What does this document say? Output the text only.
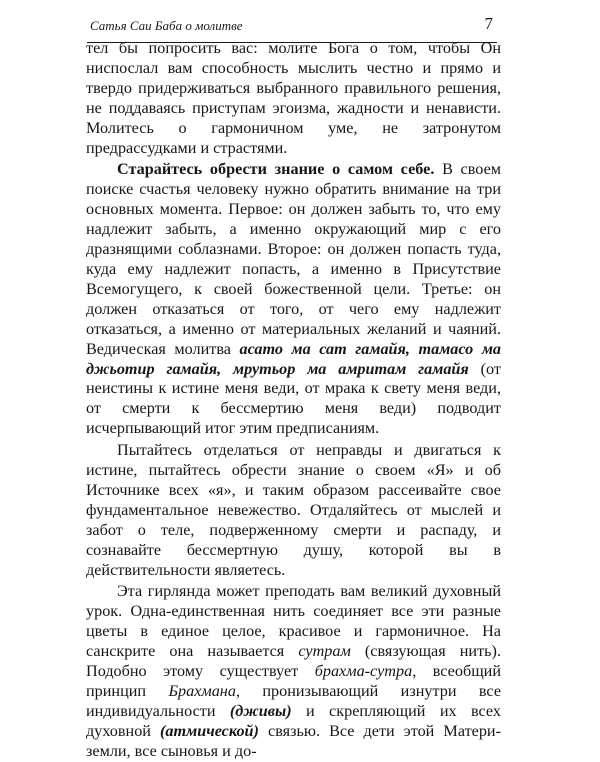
Сатья Саи Баба о молитве	7

тел бы попросить вас: молите Бога о том, чтобы Он ниспослал вам способность мыслить честно и прямо и твердо придерживаться выбранного правильного решения, не поддаваясь приступам эгоизма, жадности и ненависти. Молитесь о гармоничном уме, не затронутом предрассудками и страстями.

Старайтесь обрести знание о самом себе. В своем поиске счастья человеку нужно обратить внимание на три основных момента. Первое: он должен забыть то, что ему надлежит забыть, а именно окружающий мир с его дразнящими соблазнами. Второе: он должен попасть туда, куда ему надлежит попасть, а именно в Присутствие Всемогущего, к своей божественной цели. Третье: он должен отказаться от того, от чего ему надлежит отказаться, а именно от материальных желаний и чаяний. Ведическая молитва асато ма сат гамайя, тамасо ма джьотир гамайя, мрутьор ма амритам гамайя (от неистины к истине меня веди, от мрака к свету меня веди, от смерти к бессмертию меня веди) подводит исчерпывающий итог этим предписаниям.

Пытайтесь отделаться от неправды и двигаться к истине, пытайтесь обрести знание о своем «Я» и об Источнике всех «я», и таким образом рассеивайте свое фундаментальное невежество. Отдаляйтесь от мыслей и забот о теле, подверженному смерти и распаду, и сознавайте бессмертную душу, которой вы в действительности являетесь.

Эта гирлянда может преподать вам великий духовный урок. Одна-единственная нить соединяет все эти разные цветы в единое целое, красивое и гармоничное. На санскрите она называется сутрам (связующая нить). Подобно этому существует брахма-сутра, всеобщий принцип Брахмана, пронизывающий изнутри все индивидуальности (дживы) и скрепляющий их всех духовной (атмической) связью. Все дети этой Матери-земли, все сыновья и до-
